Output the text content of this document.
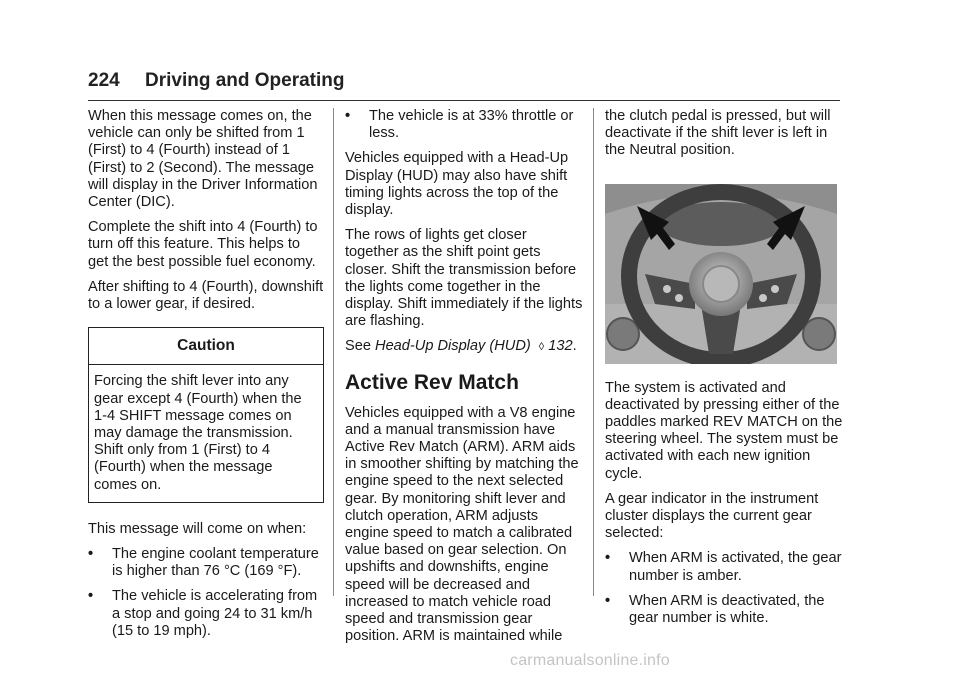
224 Driving and Operating

When this message comes on, the vehicle can only be shifted from 1 (First) to 4 (Fourth) instead of 1 (First) to 2 (Second). The message will display in the Driver Information Center (DIC).

Complete the shift into 4 (Fourth) to turn off this feature. This helps to get the best possible fuel economy.

After shifting to 4 (Fourth), downshift to a lower gear, if desired.

Caution
Forcing the shift lever into any gear except 4 (Fourth) when the 1-4 SHIFT message comes on may damage the transmission. Shift only from 1 (First) to 4 (Fourth) when the message comes on.

This message will come on when:

•	The engine coolant temperature is higher than 76 °C (169 °F).
•	The vehicle is accelerating from a stop and going 24 to 31 km/h (15 to 19 mph).
•	The vehicle is at 33% throttle or less.

Vehicles equipped with a Head-Up Display (HUD) may also have shift timing lights across the top of the display.

The rows of lights get closer together as the shift point gets closer. Shift the transmission before the lights come together in the display. Shift immediately if the lights are flashing.

See Head-Up Display (HUD) ◊ 132.

Active Rev Match

Vehicles equipped with a V8 engine and a manual transmission have Active Rev Match (ARM). ARM aids in smoother shifting by matching the engine speed to the next selected gear. By monitoring shift lever and clutch operation, ARM adjusts engine speed to match a calibrated value based on gear selection. On upshifts and downshifts, engine speed will be decreased and increased to match vehicle road speed and transmission gear position. ARM is maintained while

the clutch pedal is pressed, but will deactivate if the shift lever is left in the Neutral position.

The system is activated and deactivated by pressing either of the paddles marked REV MATCH on the steering wheel. The system must be activated with each new ignition cycle.

A gear indicator in the instrument cluster displays the current gear selected:

•	When ARM is activated, the gear number is amber.
•	When ARM is deactivated, the gear number is white.
carmanualsonline.info
